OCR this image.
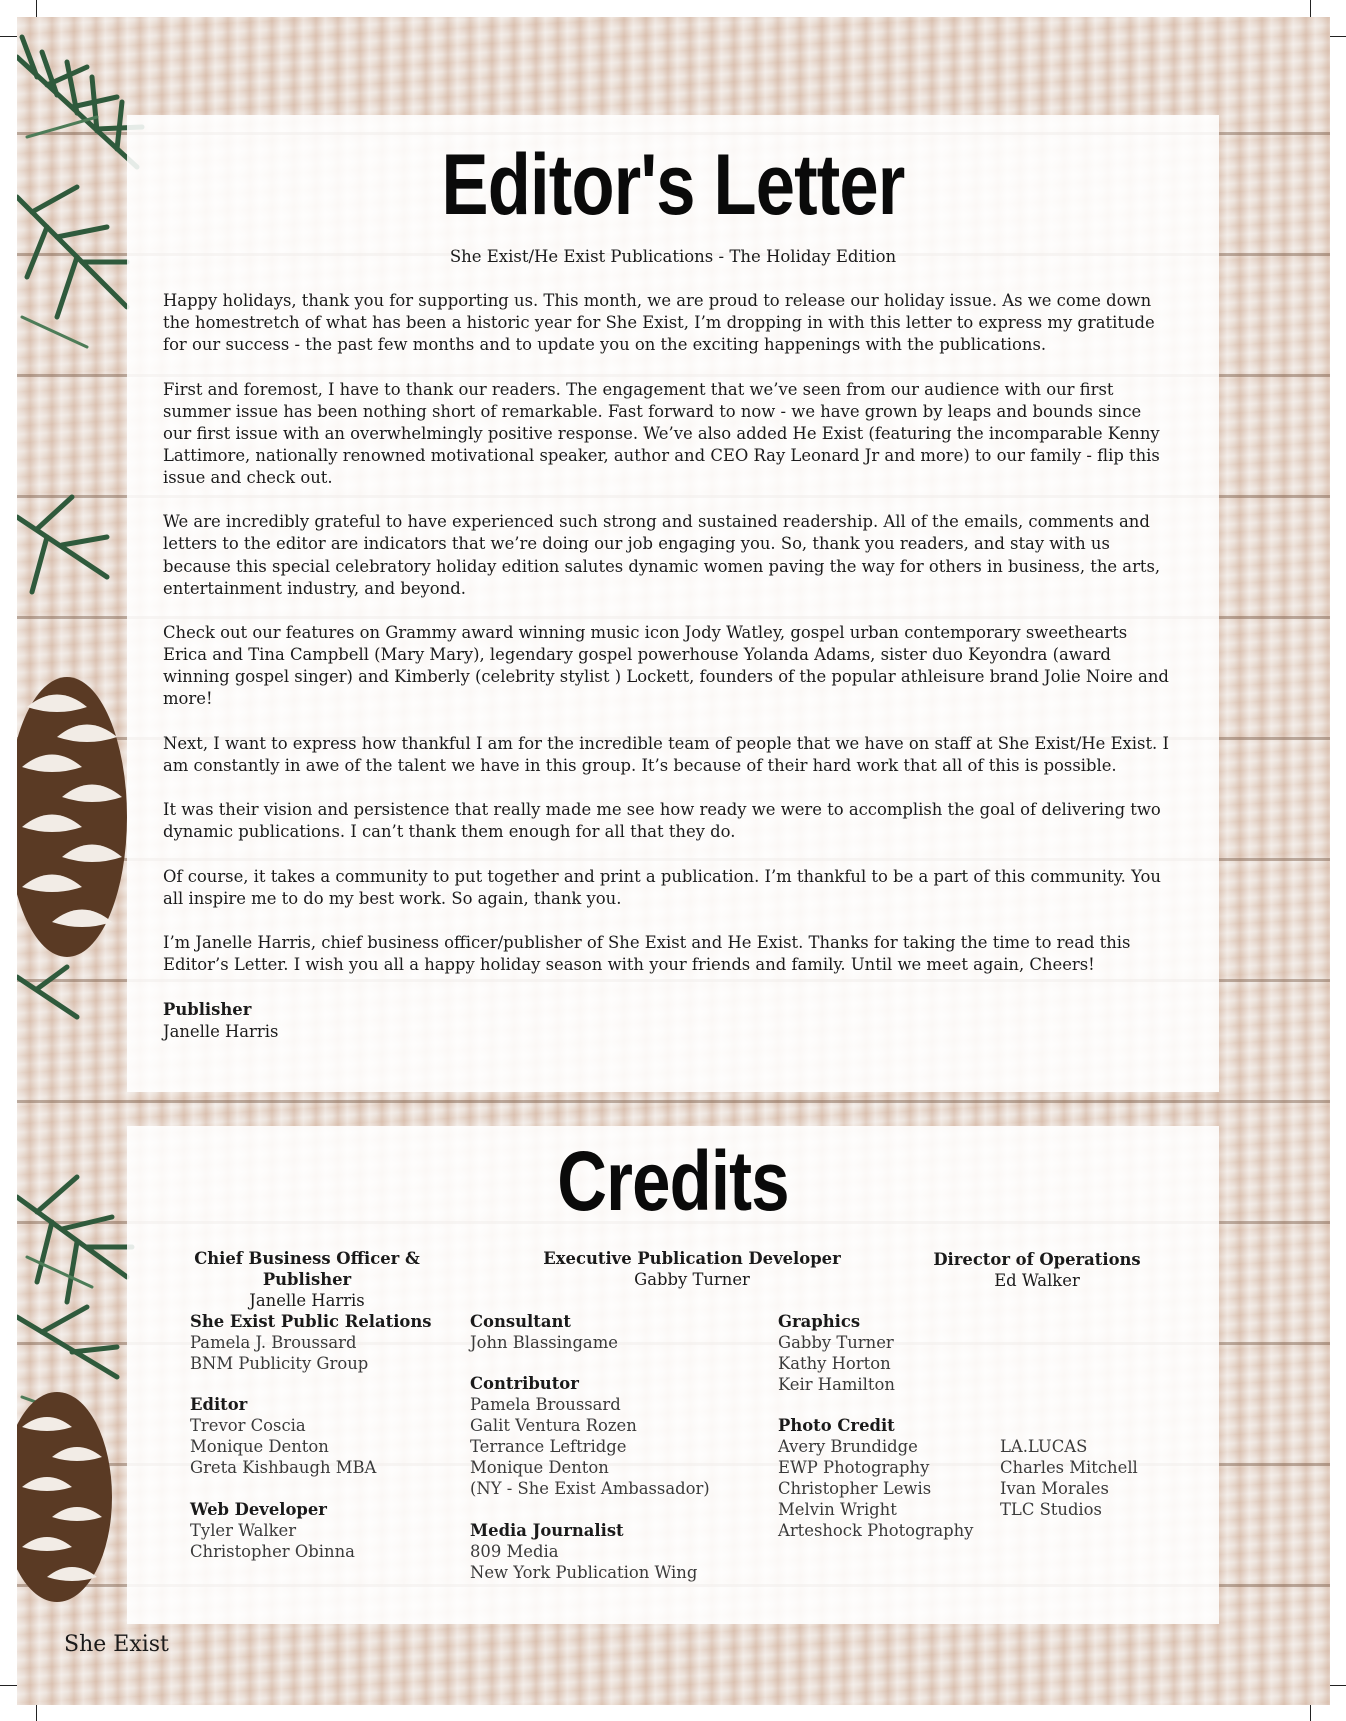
Editor's Letter
She Exist/He Exist Publications - The Holiday Edition

Happy holidays, thank you for supporting us. This month, we are proud to release our holiday issue. As we come down the homestretch of what has been a historic year for She Exist, I’m dropping in with this letter to express my gratitude for our success - the past few months and to update you on the exciting happenings with the publications.

First and foremost, I have to thank our readers. The engagement that we’ve seen from our audience with our first summer issue has been nothing short of remarkable. Fast forward to now - we have grown by leaps and bounds since our first issue with an overwhelmingly positive response. We’ve also added He Exist (featuring the incomparable Kenny Lattimore, nationally renowned motivational speaker, author and CEO Ray Leonard Jr and more) to our family - flip this issue and check out.

We are incredibly grateful to have experienced such strong and sustained readership. All of the emails, comments and letters to the editor are indicators that we’re doing our job engaging you. So, thank you readers, and stay with us because this special celebratory holiday edition salutes dynamic women paving the way for others in business, the arts, entertainment industry, and beyond.

Check out our features on Grammy award winning music icon Jody Watley, gospel urban contemporary sweethearts Erica and Tina Campbell (Mary Mary), legendary gospel powerhouse Yolanda Adams, sister duo Keyondra (award winning gospel singer) and Kimberly (celebrity stylist ) Lockett, founders of the popular athleisure brand Jolie Noire and more!

Next, I want to express how thankful I am for the incredible team of people that we have on staff at She Exist/He Exist. I am constantly in awe of the talent we have in this group. It’s because of their hard work that all of this is possible.

It was their vision and persistence that really made me see how ready we were to accomplish the goal of delivering two dynamic publications. I can’t thank them enough for all that they do.

Of course, it takes a community to put together and print a publication. I’m thankful to be a part of this community. You all inspire me to do my best work. So again, thank you.

I’m Janelle Harris, chief business officer/publisher of She Exist and He Exist. Thanks for taking the time to read this Editor’s Letter. I wish you all a happy holiday season with your friends and family. Until we meet again, Cheers!

Publisher
Janelle Harris
Credits
Chief Business Officer & Publisher
Janelle Harris
Executive Publication Developer
Gabby Turner
Director of Operations
Ed Walker
She Exist Public Relations
Pamela J. Broussard
BNM Publicity Group
Editor
Trevor Coscia
Monique Denton
Greta Kishbaugh MBA
Web Developer
Tyler Walker
Christopher Obinna
Consultant
John Blassingame
Contributor
Pamela Broussard
Galit Ventura Rozen
Terrance Leftridge
Monique Denton
(NY - She Exist Ambassador)
Media Journalist
809 Media
New York Publication Wing
Graphics
Gabby Turner
Kathy Horton
Keir Hamilton
Photo Credit
Avery Brundidge
EWP Photography
Christopher Lewis
Melvin Wright
Arteshock Photography
LA.LUCAS
Charles Mitchell
Ivan Morales
TLC Studios
She Exist
